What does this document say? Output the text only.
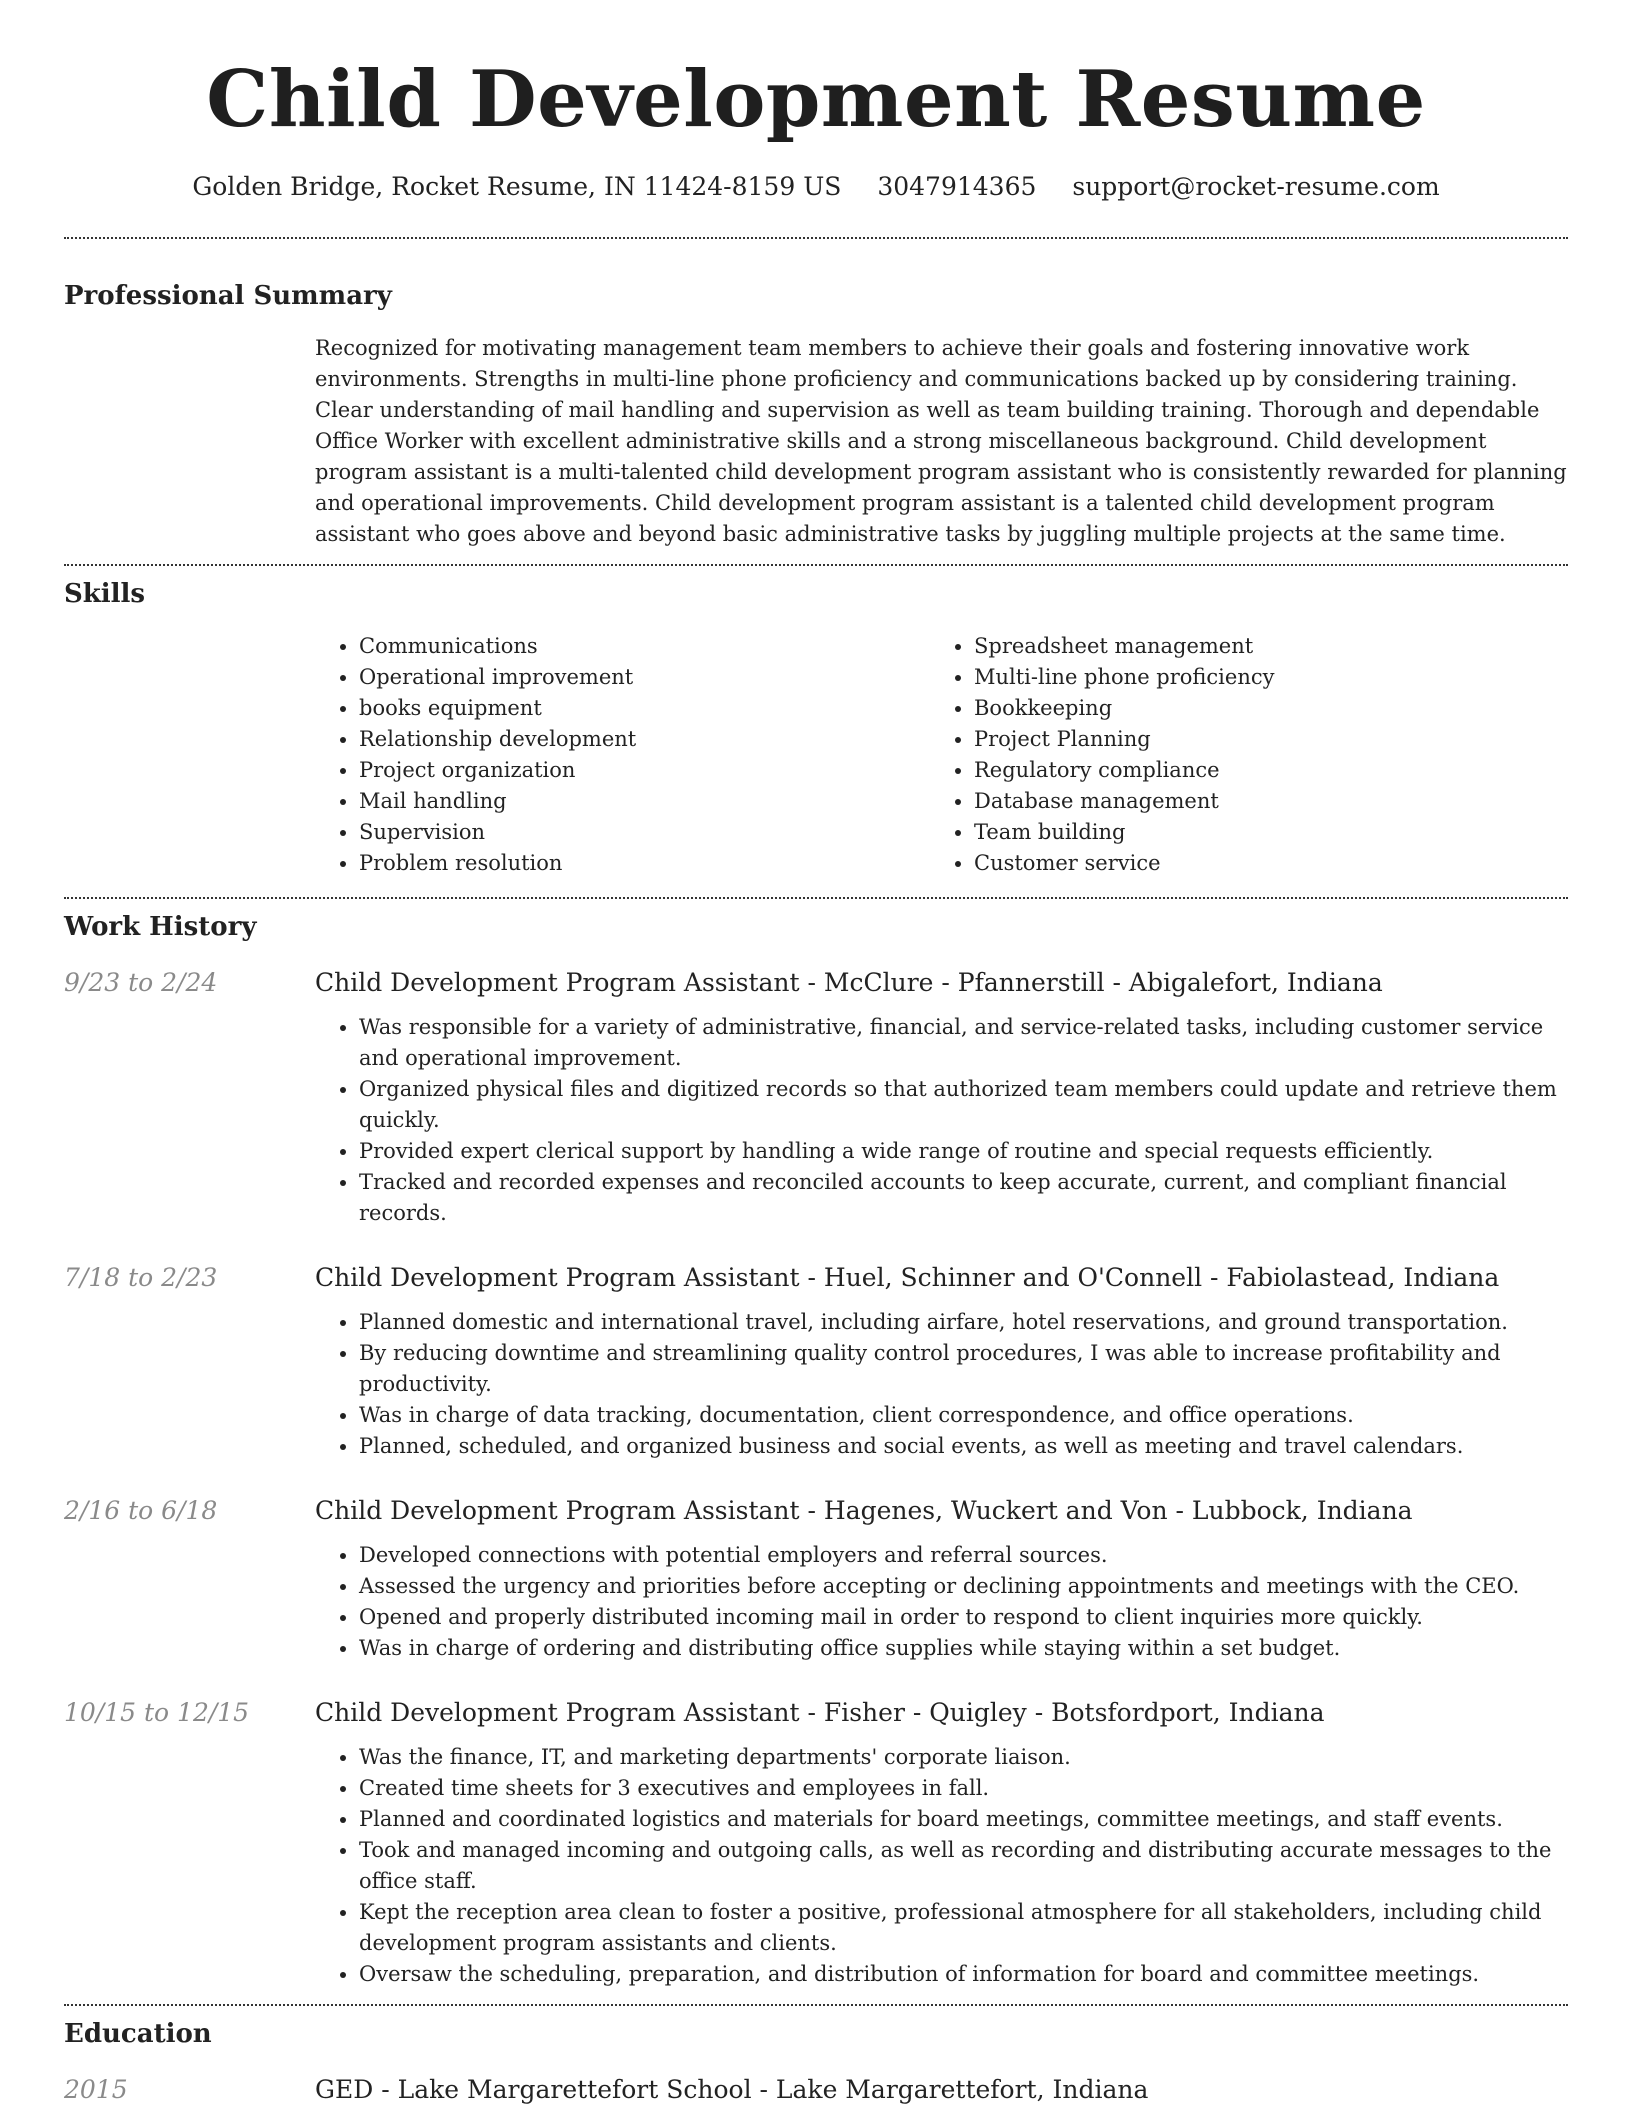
Child Development Resume
Golden Bridge, Rocket Resume, IN 11424-8159 US 3047914365 support@rocket-resume.com
Professional Summary
Recognized for motivating management team members to achieve their goals and fostering innovative work environments. Strengths in multi-line phone proficiency and communications backed up by considering training. Clear understanding of mail handling and supervision as well as team building training. Thorough and dependable Office Worker with excellent administrative skills and a strong miscellaneous background. Child development program assistant is a multi-talented child development program assistant who is consistently rewarded for planning and operational improvements. Child development program assistant is a talented child development program assistant who goes above and beyond basic administrative tasks by juggling multiple projects at the same time.
Skills
• Communications
• Operational improvement
• books equipment
• Relationship development
• Project organization
• Mail handling
• Supervision
• Problem resolution
• Spreadsheet management
• Multi-line phone proficiency
• Bookkeeping
• Project Planning
• Regulatory compliance
• Database management
• Team building
• Customer service
Work History
9/23 to 2/24	Child Development Program Assistant - McClure - Pfannerstill - Abigalefort, Indiana
• Was responsible for a variety of administrative, financial, and service-related tasks, including customer service and operational improvement.
• Organized physical files and digitized records so that authorized team members could update and retrieve them quickly.
• Provided expert clerical support by handling a wide range of routine and special requests efficiently.
• Tracked and recorded expenses and reconciled accounts to keep accurate, current, and compliant financial records.
7/18 to 2/23	Child Development Program Assistant - Huel, Schinner and O'Connell - Fabiolastead, Indiana
• Planned domestic and international travel, including airfare, hotel reservations, and ground transportation.
• By reducing downtime and streamlining quality control procedures, I was able to increase profitability and productivity.
• Was in charge of data tracking, documentation, client correspondence, and office operations.
• Planned, scheduled, and organized business and social events, as well as meeting and travel calendars.
2/16 to 6/18	Child Development Program Assistant - Hagenes, Wuckert and Von - Lubbock, Indiana
• Developed connections with potential employers and referral sources.
• Assessed the urgency and priorities before accepting or declining appointments and meetings with the CEO.
• Opened and properly distributed incoming mail in order to respond to client inquiries more quickly.
• Was in charge of ordering and distributing office supplies while staying within a set budget.
10/15 to 12/15	Child Development Program Assistant - Fisher - Quigley - Botsfordport, Indiana
• Was the finance, IT, and marketing departments' corporate liaison.
• Created time sheets for 3 executives and employees in fall.
• Planned and coordinated logistics and materials for board meetings, committee meetings, and staff events.
• Took and managed incoming and outgoing calls, as well as recording and distributing accurate messages to the office staff.
• Kept the reception area clean to foster a positive, professional atmosphere for all stakeholders, including child development program assistants and clients.
• Oversaw the scheduling, preparation, and distribution of information for board and committee meetings.
Education
2015	GED - Lake Margarettefort School - Lake Margarettefort, Indiana
